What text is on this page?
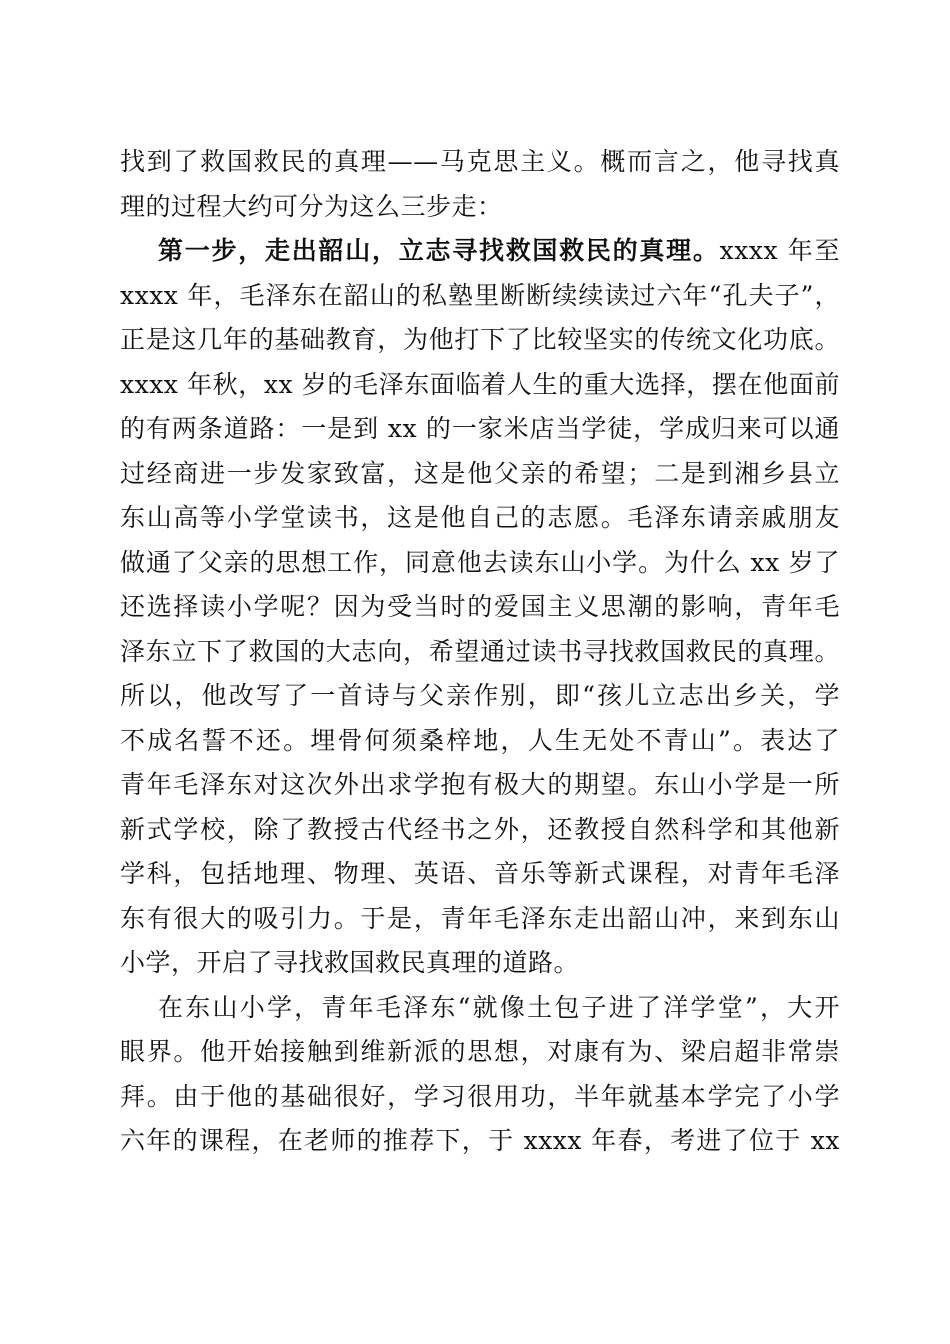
找到了救国救民的真理——马克思主义。概而言之，他寻找真
理的过程大约可分为这么三步走：
第一步，走出韶山，立志寻找救国救民的真理。xxxx 年至
xxxx 年，毛泽东在韶山的私塾里断断续续读过六年“孔夫子”，
正是这几年的基础教育，为他打下了比较坚实的传统文化功底。
xxxx 年秋，xx 岁的毛泽东面临着人生的重大选择，摆在他面前
的有两条道路：一是到 xx 的一家米店当学徒，学成归来可以通
过经商进一步发家致富，这是他父亲的希望；二是到湘乡县立
东山高等小学堂读书，这是他自己的志愿。毛泽东请亲戚朋友
做通了父亲的思想工作，同意他去读东山小学。为什么 xx 岁了
还选择读小学呢？因为受当时的爱国主义思潮的影响，青年毛
泽东立下了救国的大志向，希望通过读书寻找救国救民的真理。
所以，他改写了一首诗与父亲作别，即“孩儿立志出乡关，学
不成名誓不还。埋骨何须桑梓地，人生无处不青山”。表达了
青年毛泽东对这次外出求学抱有极大的期望。东山小学是一所
新式学校，除了教授古代经书之外，还教授自然科学和其他新
学科，包括地理、物理、英语、音乐等新式课程，对青年毛泽
东有很大的吸引力。于是，青年毛泽东走出韶山冲，来到东山
小学，开启了寻找救国救民真理的道路。
在东山小学，青年毛泽东“就像土包子进了洋学堂”，大开
眼界。他开始接触到维新派的思想，对康有为、梁启超非常崇
拜。由于他的基础很好，学习很用功，半年就基本学完了小学
六年的课程，在老师的推荐下，于 xxxx 年春，考进了位于 xx
